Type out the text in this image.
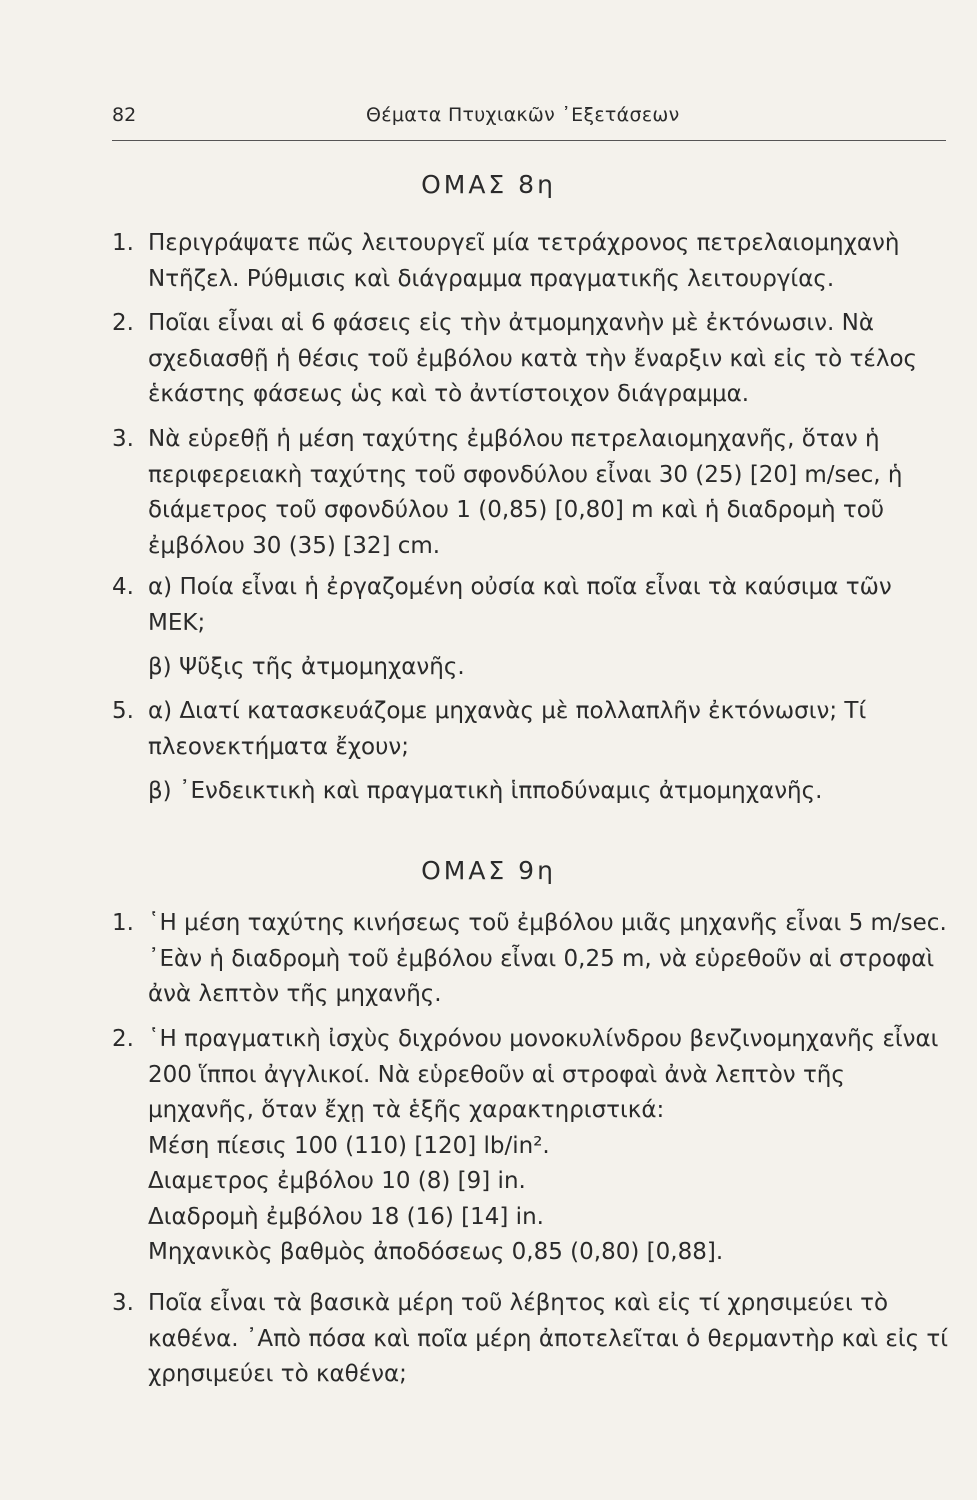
82	Θέματα Πτυχιακῶν ᾿Εξετάσεων
ΟΜΑΣ 8η
1. Περιγράψατε πῶς λειτουργεῖ μία τετράχρονος πετρελαιομηχανὴ Ντῆζελ. Ρύθμισις καὶ διάγραμμα πραγματικῆς λειτουργίας.
2. Ποῖαι εἶναι αἱ 6 φάσεις εἰς τὴν ἀτμομηχανὴν μὲ ἐκτόνωσιν. Νὰ σχεδιασθῇ ἡ θέσις τοῦ ἐμβόλου κατὰ τὴν ἔναρξιν καὶ εἰς τὸ τέλος ἑκάστης φάσεως ὡς καὶ τὸ ἀντίστοιχον διάγραμμα.
3. Νὰ εὑρεθῇ ἡ μέση ταχύτης ἐμβόλου πετρελαιομηχανῆς, ὅταν ἡ περιφερειακὴ ταχύτης τοῦ σφονδύλου εἶναι 30 (25) [20] m/sec, ἡ διάμετρος τοῦ σφονδύλου 1 (0,85) [0,80] m καὶ ἡ διαδρομὴ τοῦ ἐμβόλου 30 (35) [32] cm.
4. α) Ποία εἶναι ἡ ἐργαζομένη οὐσία καὶ ποῖα εἶναι τὰ καύσιμα τῶν ΜΕΚ;
β) Ψῦξις τῆς ἀτμομηχανῆς.
5. α) Διατί κατασκευάζομε μηχανὰς μὲ πολλαπλῆν ἐκτόνωσιν; Τί πλεονεκτήματα ἔχουν;
β) ᾿Ενδεικτικὴ καὶ πραγματικὴ ἱπποδύναμις ἀτμομηχανῆς.
ΟΜΑΣ 9η
1. ῾Η μέση ταχύτης κινήσεως τοῦ ἐμβόλου μιᾶς μηχανῆς εἶναι 5 m/sec. ᾿Εὰν ἡ διαδρομὴ τοῦ ἐμβόλου εἶναι 0,25 m, νὰ εὑρεθοῦν αἱ στροφαὶ ἀνὰ λεπτὸν τῆς μηχανῆς.
2. ῾Η πραγματικὴ ἰσχὺς διχρόνου μονοκυλίνδρου βενζινομηχανῆς εἶναι 200 ἵπποι ἀγγλικοί. Νὰ εὑρεθοῦν αἱ στροφαὶ ἀνὰ λεπτὸν τῆς μηχανῆς, ὅταν ἔχῃ τὰ ἑξῆς χαρακτηριστικά:
Μέση πίεσις 100 (110) [120] lb/in².
Διαμετρος ἐμβόλου 10 (8) [9] in.
Διαδρομὴ ἐμβόλου 18 (16) [14] in.
Μηχανικὸς βαθμὸς ἀποδόσεως 0,85 (0,80) [0,88].
3. Ποῖα εἶναι τὰ βασικὰ μέρη τοῦ λέβητος καὶ εἰς τί χρησιμεύει τὸ καθένα. ᾿Απὸ πόσα καὶ ποῖα μέρη ἀποτελεῖται ὁ θερμαντὴρ καὶ εἰς τί χρησιμεύει τὸ καθένα;
